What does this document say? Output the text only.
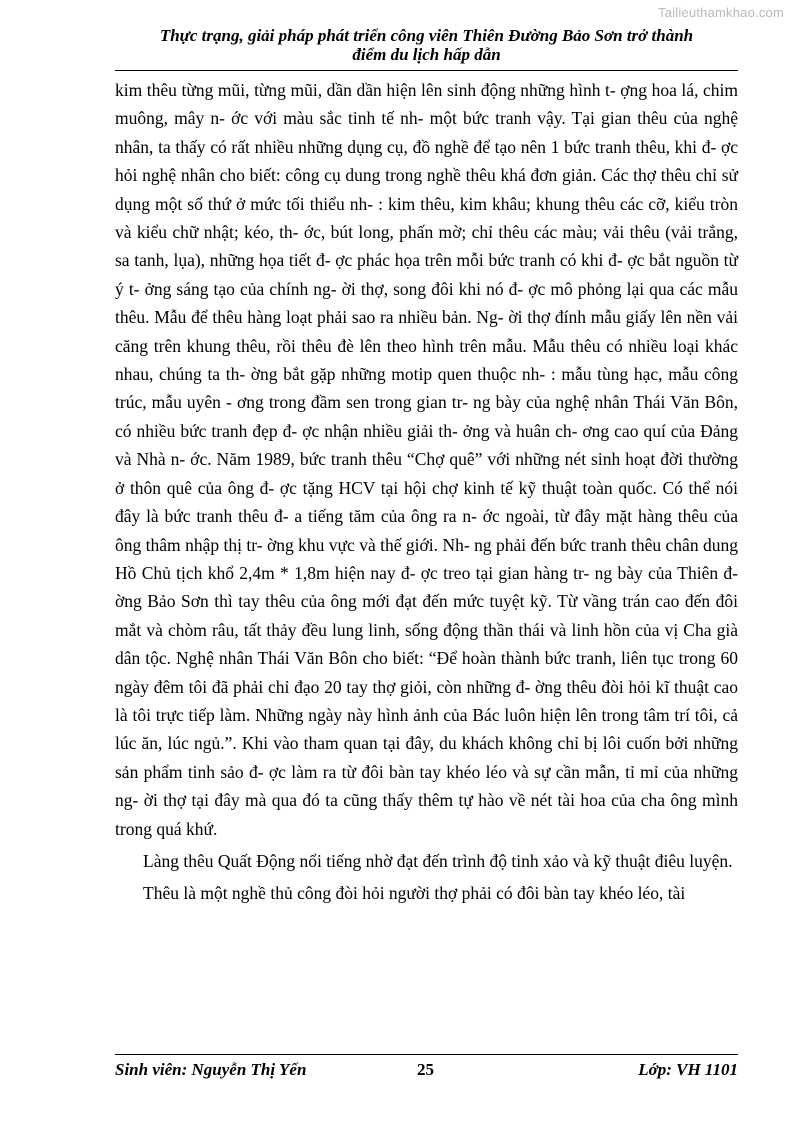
Tailieuthamkhao.com
Thực trạng, giải pháp phát triển công viên Thiên Đường Bảo Sơn trở thành
điểm du lịch hấp dẫn

kim thêu từng mũi, từng mũi, dần dần hiện lên sinh động những hình t- ợng hoa lá, chim muông, mây n- ớc với màu sắc tinh tế nh- một bức tranh vậy. Tại gian thêu của nghệ nhân, ta thấy có rất nhiều những dụng cụ, đồ nghề để tạo nên 1 bức tranh thêu, khi đ- ợc hỏi nghệ nhân cho biết: công cụ dung trong nghề thêu khá đơn giản. Các thợ thêu chỉ sử dụng một số thứ ở mức tối thiểu nh- : kim thêu, kim khâu; khung thêu các cỡ, kiểu tròn và kiểu chữ nhật; kéo, th- ớc, bút long, phấn mờ; chỉ thêu các màu; vải thêu (vải trắng, sa tanh, lụa), những họa tiết đ- ợc phác họa trên mỗi bức tranh có khi đ- ợc bắt nguồn từ ý t- ởng sáng tạo của chính ng- ời thợ, song đôi khi nó đ- ợc mô phỏng lại qua các mẫu thêu. Mẫu để thêu hàng loạt phải sao ra nhiều bản. Ng- ời thợ đính mẫu giấy lên nền vải căng trên khung thêu, rồi thêu đè lên theo hình trên mẫu. Mẫu thêu có nhiều loại khác nhau, chúng ta th- ờng bắt gặp những motip quen thuộc nh- : mẫu tùng hạc, mẫu công trúc, mẫu uyên - ơng trong đầm sen trong gian tr- ng bày của nghệ nhân Thái Văn Bôn, có nhiều bức tranh đẹp đ- ợc nhận nhiều giải th- ởng và huân ch- ơng cao quí của Đảng và Nhà n- ớc. Năm 1989, bức tranh thêu “Chợ quê” với những nét sinh hoạt đời thường ở thôn quê của ông đ- ợc tặng HCV tại hội chợ kinh tế kỹ thuật toàn quốc. Có thể nói đây là bức tranh thêu đ- a tiếng tăm của ông ra n- ớc ngoài, từ đây mặt hàng thêu của ông thâm nhập thị tr- ờng khu vực và thế giới. Nh- ng phải đến bức tranh thêu chân dung Hồ Chủ tịch khổ 2,4m * 1,8m hiện nay đ- ợc treo tại gian hàng tr- ng bày của Thiên đ- ờng Bảo Sơn thì tay thêu của ông mới đạt đến mức tuyệt kỹ. Từ vầng trán cao đến đôi mắt và chòm râu, tất thảy đều lung linh, sống động thần thái và linh hồn của vị Cha già dân tộc. Nghệ nhân Thái Văn Bôn cho biết: “Để hoàn thành bức tranh, liên tục trong 60 ngày đêm tôi đã phải chỉ đạo 20 tay thợ giỏi, còn những đ- ờng thêu đòi hỏi kĩ thuật cao là tôi trực tiếp làm. Những ngày này hình ảnh của Bác luôn hiện lên trong tâm trí tôi, cả lúc ăn, lúc ngủ.”. Khi vào tham quan tại đây, du khách không chỉ bị lôi cuốn bởi những sản phẩm tinh sảo đ- ợc làm ra từ đôi bàn tay khéo léo và sự cần mẫn, tỉ mỉ của những ng- ời thợ tại đây mà qua đó ta cũng thấy thêm tự hào về nét tài hoa của cha ông mình trong quá khứ.

Làng thêu Quất Động nổi tiếng nhờ đạt đến trình độ tinh xảo và kỹ thuật điêu luyện.

Thêu là một nghề thủ công đòi hỏi người thợ phải có đôi bàn tay khéo léo, tài

Sinh viên: Nguyễn Thị Yến	25	Lớp: VH 1101
